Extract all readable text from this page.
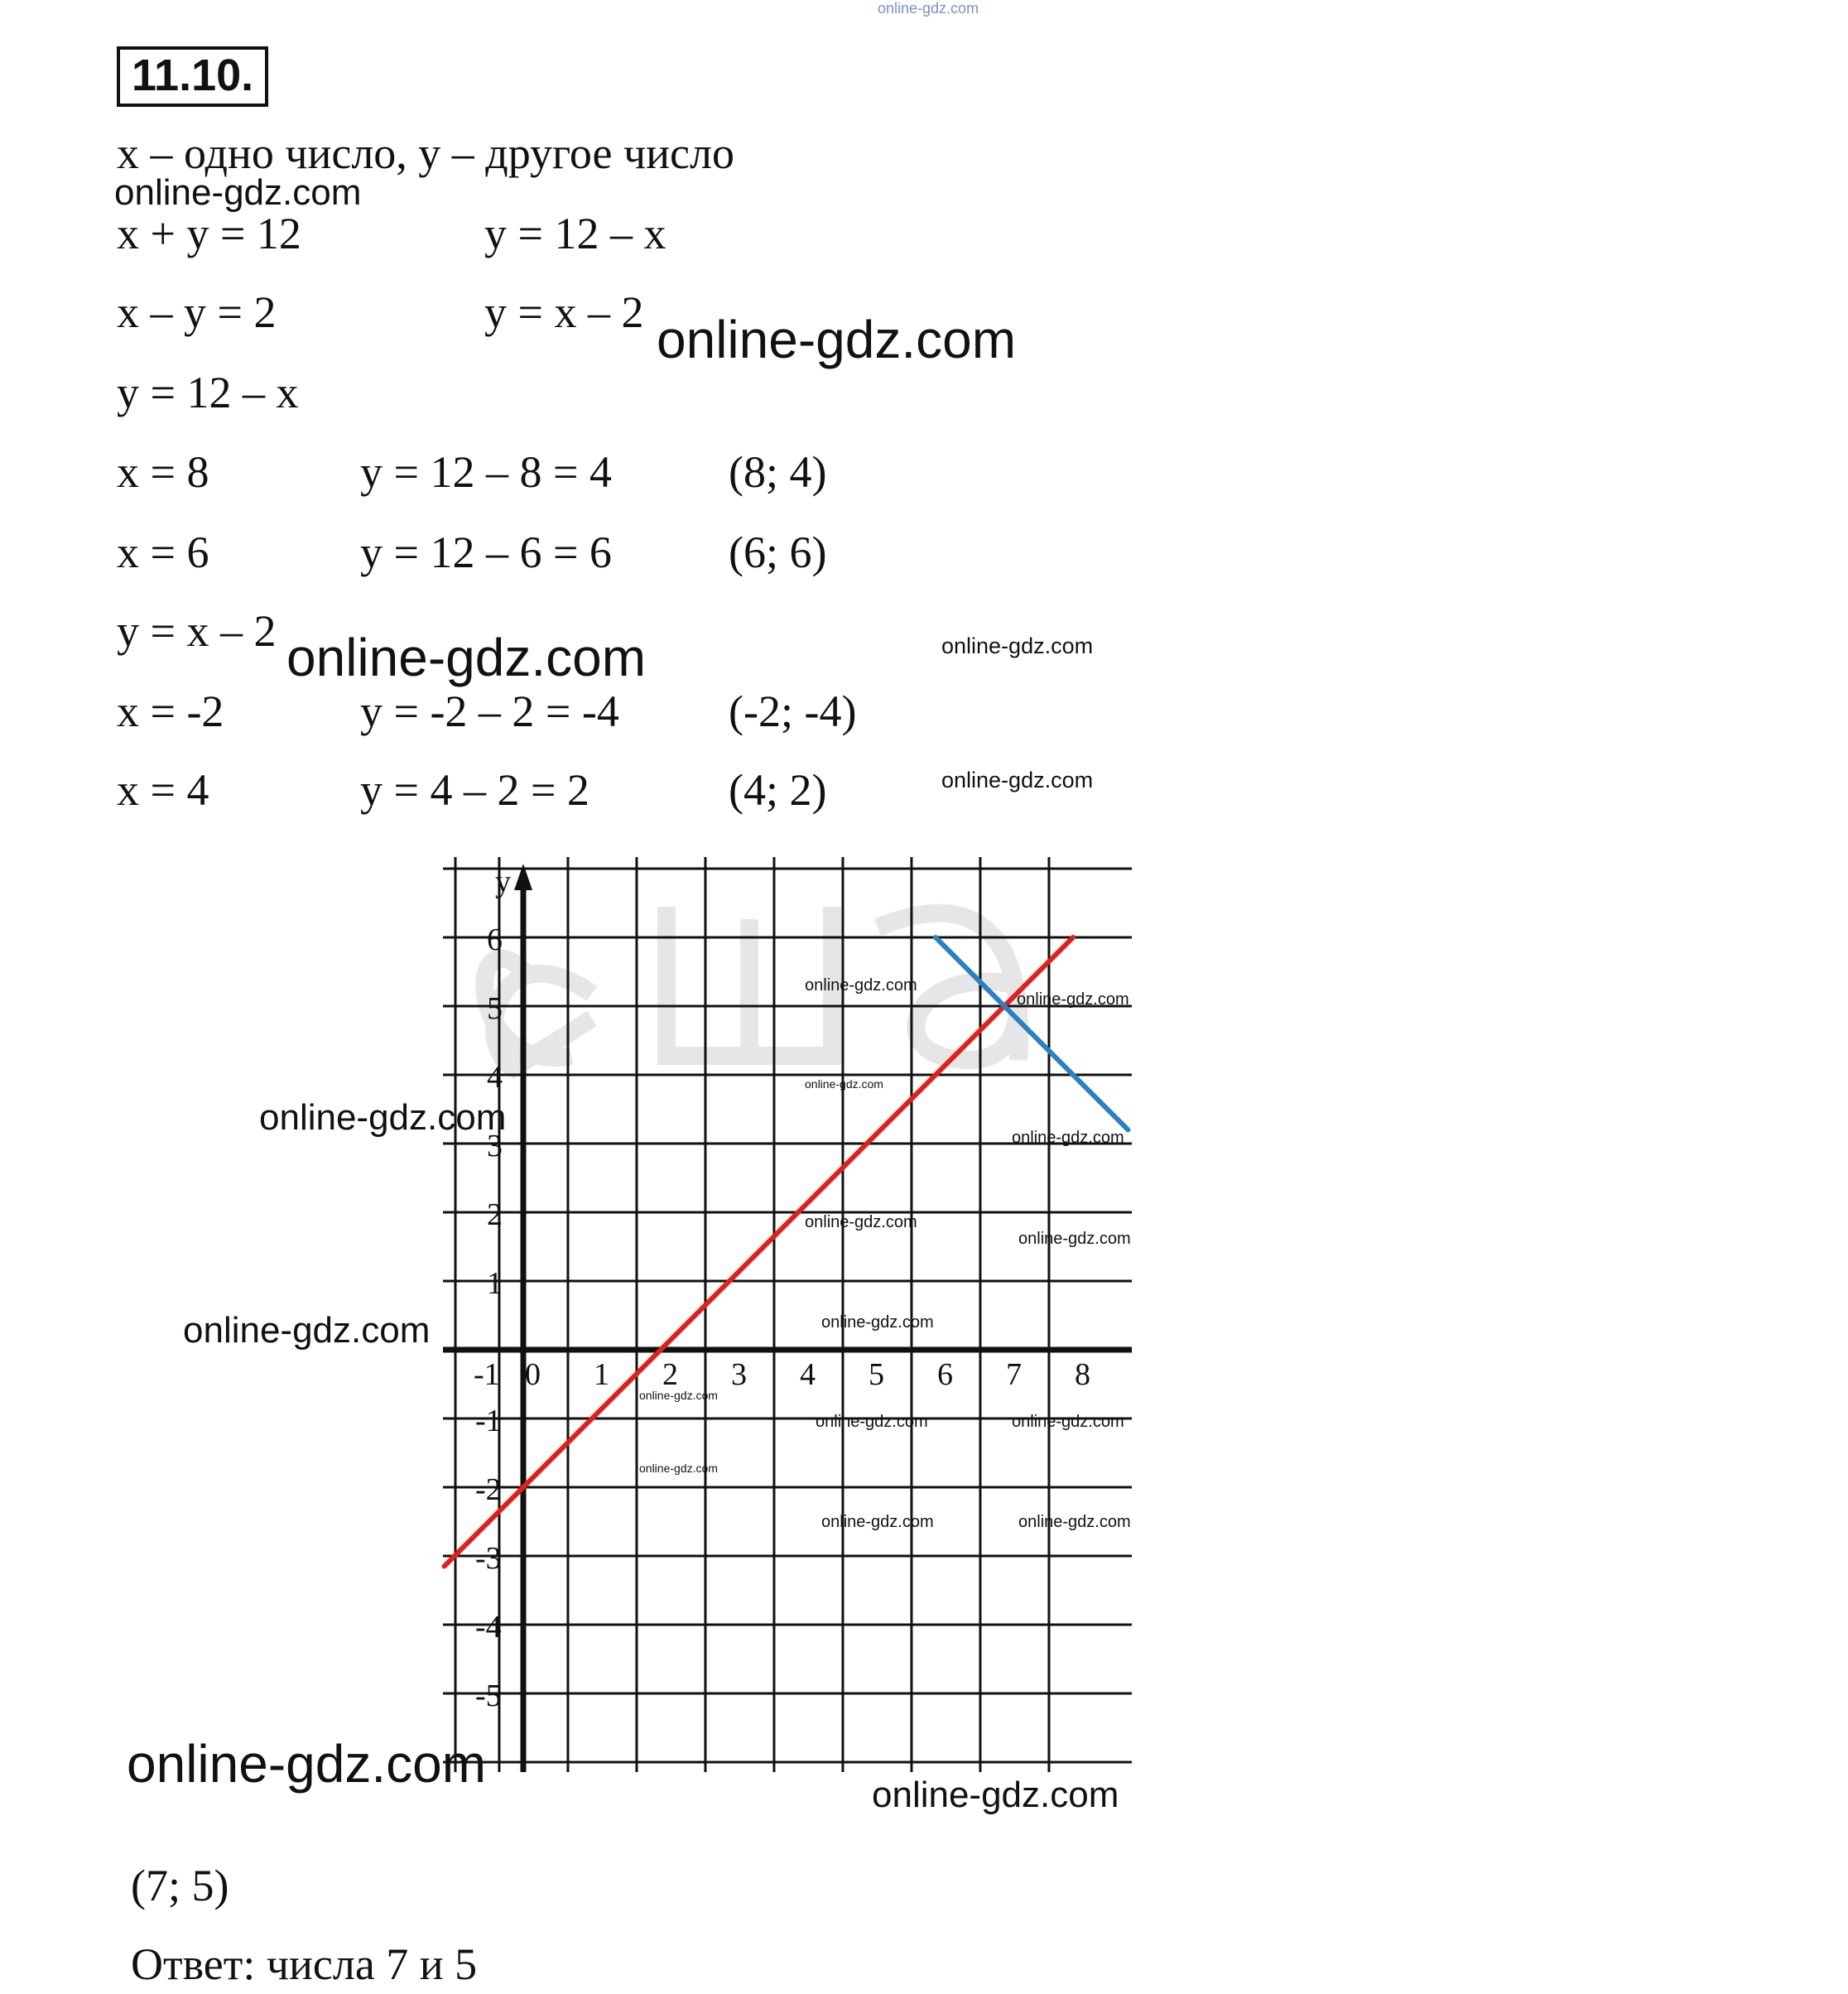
online-gdz.com
11.10.
x – одно число, у – другое число
online-gdz.com
x + y = 12	y = 12 – x
x – y = 2	y = x – 2 online-gdz.com
y = 12 – x
x = 8	y = 12 – 8 = 4	(8; 4)
x = 6	y = 12 – 6 = 6	(6; 6)
y = x – 2 online-gdz.com	online-gdz.com
x = -2	y = -2 – 2 = -4 (-2; -4)
x = 4	y = 4 – 2 = 2	(4; 2)	online-gdz.com
y
-1 0 1 2 3 4 5 6 7 8
6
5
4
3
2
1
-1
-2
-3
-4
-5
online-gdz.com
online-gdz.com
online-gdz.com
online-gdz.com
online-gdz.com
online-gdz.com
online-gdz.com
online-gdz.com
online-gdz.com	online-gdz.com
online-gdz.com
online-gdz.com	online-gdz.com
online-gdz.com
online-gdz.com
online-gdz.com
online-gdz.com
(7; 5)
Ответ: числа 7 и 5
